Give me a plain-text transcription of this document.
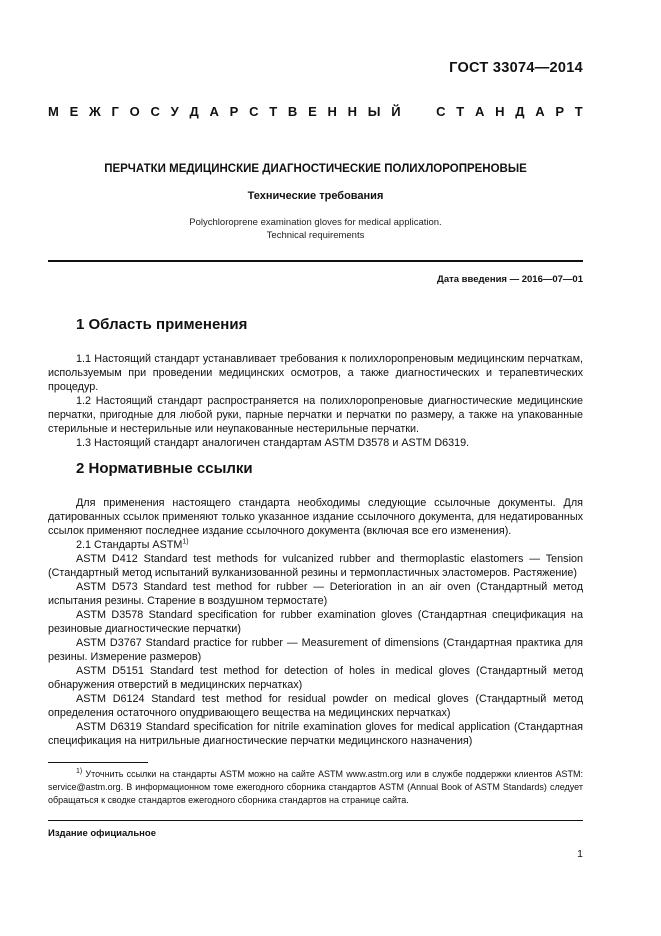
ГОСТ 33074—2014
М Е Ж Г О С У Д А Р С Т В Е Н Н Ы Й	С Т А Н Д А Р Т
ПЕРЧАТКИ МЕДИЦИНСКИЕ ДИАГНОСТИЧЕСКИЕ ПОЛИХЛОРОПРЕНОВЫЕ
Технические требования
Polychloroprene examination gloves for medical application.
Technical requirements
Дата введения — 2016—07—01
1 Область применения

1.1 Настоящий стандарт устанавливает требования к полихлоропреновым медицинским перчаткам, используемым при проведении медицинских осмотров, а также диагностических и терапевтических процедур.

1.2 Настоящий стандарт распространяется на полихлоропреновые диагностические медицинские перчатки, пригодные для любой руки, парные перчатки и перчатки по размеру, а также на упакованные стерильные и нестерильные или неупакованные нестерильные перчатки.

1.3 Настоящий стандарт аналогичен стандартам ASTM D3578 и ASTM D6319.

2 Нормативные ссылки

Для применения настоящего стандарта необходимы следующие ссылочные документы. Для датированных ссылок применяют только указанное издание ссылочного документа, для недатированных ссылок применяют последнее издание ссылочного документа (включая все его изменения).

2.1 Стандарты ASTM$^{1)}$

ASTM D412 Standard test methods for vulcanized rubber and thermoplastic elastomers — Tension (Стандартный метод испытаний вулканизованной резины и термопластичных эластомеров. Растяжение)

ASTM D573 Standard test method for rubber — Deterioration in an air oven (Стандартный метод испытания резины. Старение в воздушном термостате)

ASTM D3578 Standard specification for rubber examination gloves (Стандартная спецификация на резиновые диагностические перчатки)

ASTM D3767 Standard practice for rubber — Measurement of dimensions (Стандартная практика для резины. Измерение размеров)

ASTM D5151 Standard test method for detection of holes in medical gloves (Стандартный метод обнаружения отверстий в медицинских перчатках)

ASTM D6124 Standard test method for residual powder on medical gloves (Стандартный метод определения остаточного опудривающего вещества на медицинских перчатках)

ASTM D6319 Standard specification for nitrile examination gloves for medical application (Стандартная спецификация на нитрильные диагностические перчатки медицинского назначения)

$^{1)}$ Уточнить ссылки на стандарты ASTM можно на сайте ASTM www.astm.org или в службе поддержки клиентов ASTM: service@astm.org. В информационном томе ежегодного сборника стандартов ASTM (Annual Book of ASTM Standards) следует обращаться к сводке стандартов ежегодного сборника стандартов на странице сайта.
Издание официальное
1
